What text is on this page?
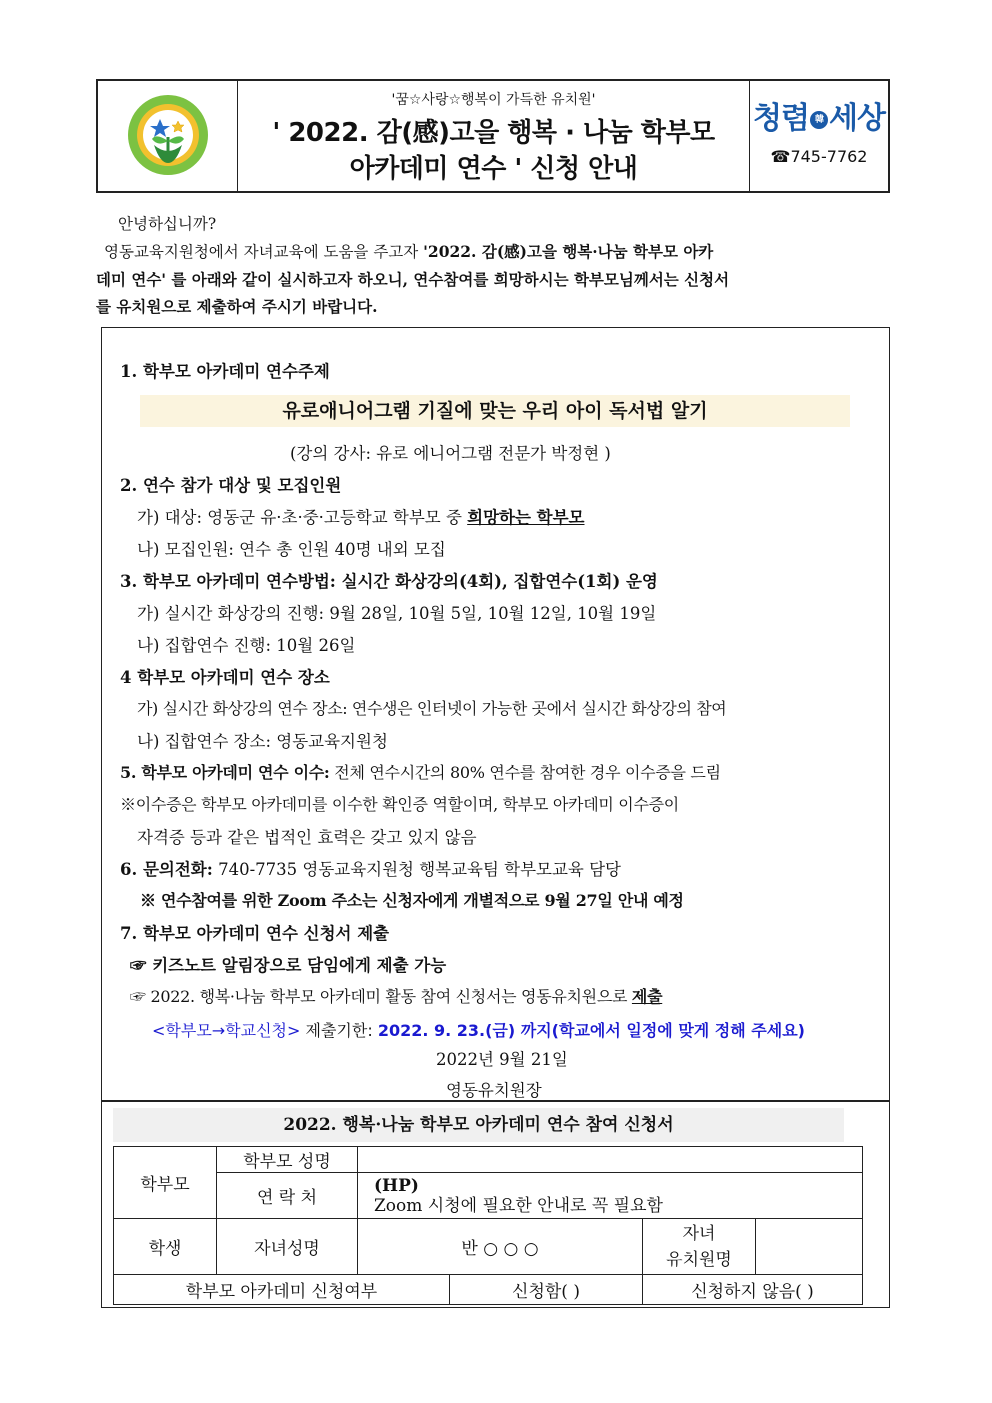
'꿈☆사랑☆행복이 가득한 유치원'
' 2022. 감(感)고을 행복 · 나눔 학부모
아카데미 연수 ' 신청 안내
청렴 韓 세상
☎745-7762
안녕하십니까?
영동교육지원청에서 자녀교육에 도움을 주고자 '2022. 감(感)고을 행복·나눔 학부모 아카
데미 연수' 를 아래와 같이 실시하고자 하오니, 연수참여를 희망하시는 학부모님께서는 신청서
를 유치원으로 제출하여 주시기 바랍니다.
1. 학부모 아카데미 연수주제
유로애니어그램 기질에 맞는 우리 아이 독서법 알기
(강의 강사: 유로 에니어그램 전문가 박정현 )
2. 연수 참가 대상 및 모집인원
가) 대상: 영동군 유·초·중·고등학교 학부모 중 희망하는 학부모
나) 모집인원: 연수 총 인원 40명 내외 모집
3. 학부모 아카데미 연수방법: 실시간 화상강의(4회), 집합연수(1회) 운영
가) 실시간 화상강의 진행: 9월 28일, 10월 5일, 10월 12일, 10월 19일
나) 집합연수 진행: 10월 26일
4 학부모 아카데미 연수 장소
가) 실시간 화상강의 연수 장소: 연수생은 인터넷이 가능한 곳에서 실시간 화상강의 참여
나) 집합연수 장소: 영동교육지원청
5. 학부모 아카데미 연수 이수: 전체 연수시간의 80% 연수를 참여한 경우 이수증을 드림
※이수증은 학부모 아카데미를 이수한 확인증 역할이며, 학부모 아카데미 이수증이
자격증 등과 같은 법적인 효력은 갖고 있지 않음
6. 문의전화: 740-7735 영동교육지원청 행복교육팀 학부모교육 담당
※ 연수참여를 위한 Zoom 주소는 신청자에게 개별적으로 9월 27일 안내 예정
7. 학부모 아카데미 연수 신청서 제출
☞ 키즈노트 알림장으로 담임에게 제출 가능
☞ 2022. 행복·나눔 학부모 아카데미 활동 참여 신청서는 영동유치원으로 제출
<학부모→학교신청> 제출기한: 2022. 9. 23.(금) 까지(학교에서 일정에 맞게 정해 주세요)
2022년 9월 21일
영동유치원장
2022. 행복·나눔 학부모 아카데미 연수 참여 신청서
학부모	학부모 성명				
	연 락 처	(HP)
Zoom 시청에 필요한 안내로 꼭 필요함			

학생	자녀성명	반 ○ ○ ○		자녀
유치원명	

학부모 아카데미 신청여부			신청함( )	신청하지 않음( )	
